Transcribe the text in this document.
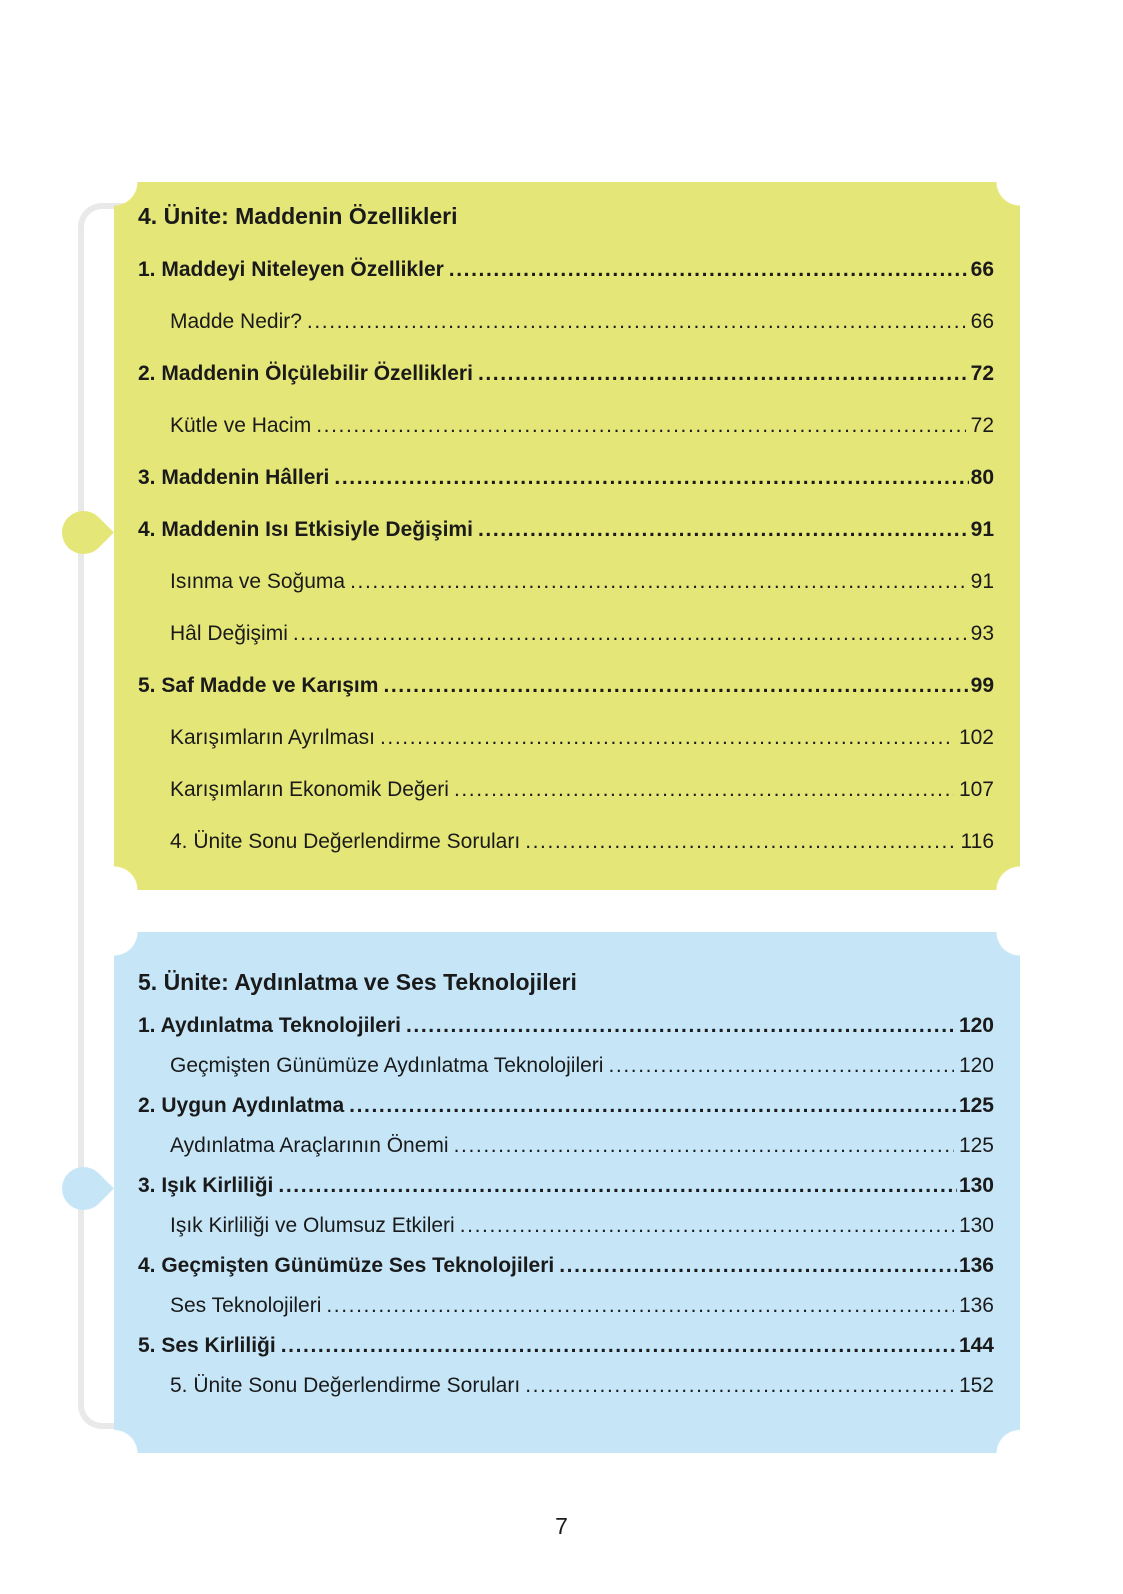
4. Ünite: Maddenin Özellikleri
1. Maddeyi Niteleyen Özellikler .....	66
Madde Nedir? .....	66
2. Maddenin Ölçülebilir Özellikleri .....	72
Kütle ve Hacim .....	72
3. Maddenin Hâlleri .....	80
4. Maddenin Isı Etkisiyle Değişimi .....	91
Isınma ve Soğuma .....	91
Hâl Değişimi .....	93
5. Saf Madde ve Karışım .....	99
Karışımların Ayrılması .....	102
Karışımların Ekonomik Değeri .....	107
4. Ünite Sonu Değerlendirme Soruları .....	116
5. Ünite: Aydınlatma ve Ses Teknolojileri
1. Aydınlatma Teknolojileri .....	120
Geçmişten Günümüze Aydınlatma Teknolojileri .....	120
2. Uygun Aydınlatma .....	125
Aydınlatma Araçlarının Önemi .....	125
3. Işık Kirliliği .....	130
Işık Kirliliği ve Olumsuz Etkileri .....	130
4. Geçmişten Günümüze Ses Teknolojileri .....	136
Ses Teknolojileri .....	136
5. Ses Kirliliği .....	144
5. Ünite Sonu Değerlendirme Soruları .....	152
7
